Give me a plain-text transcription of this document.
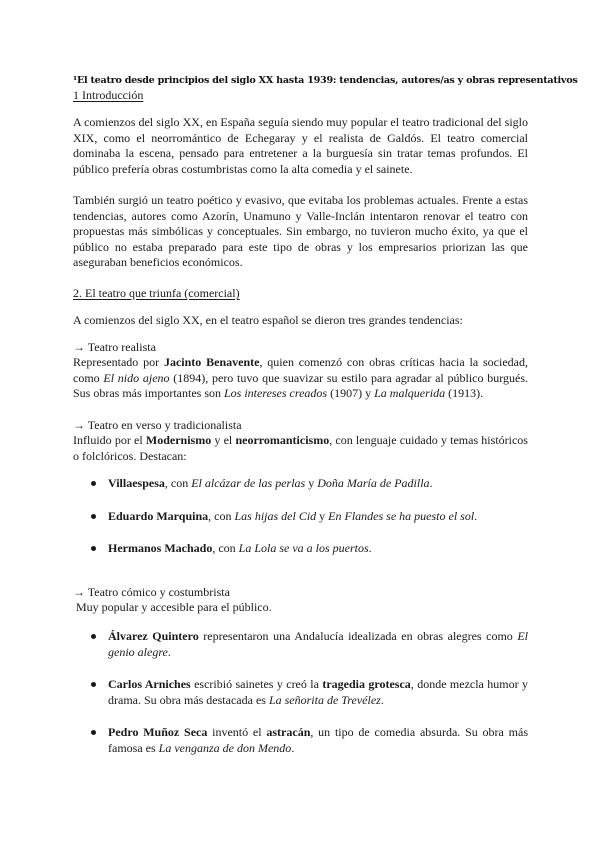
¹El teatro desde principios del siglo XX hasta 1939: tendencias, autores/as y obras representativos
1 Introducción

A comienzos del siglo XX, en España seguía siendo muy popular el teatro tradicional del siglo XIX, como el neorromántico de Echegaray y el realista de Galdós. El teatro comercial dominaba la escena, pensado para entretener a la burguesía sin tratar temas profundos. El público prefería obras costumbristas como la alta comedia y el sainete.

También surgió un teatro poético y evasivo, que evitaba los problemas actuales. Frente a estas tendencias, autores como Azorín, Unamuno y Valle-Inclán intentaron renovar el teatro con propuestas más simbólicas y conceptuales. Sin embargo, no tuvieron mucho éxito, ya que el público no estaba preparado para este tipo de obras y los empresarios priorizan las que aseguraban beneficios económicos.

2. El teatro que triunfa (comercial)

A comienzos del siglo XX, en el teatro español se dieron tres grandes tendencias:

→ Teatro realista

Representado por Jacinto Benavente, quien comenzó con obras críticas hacia la sociedad, como El nido ajeno (1894), pero tuvo que suavizar su estilo para agradar al público burgués. Sus obras más importantes son Los intereses creados (1907) y La malquerida (1913).

→ Teatro en verso y tradicionalista

Influido por el Modernismo y el neorromanticismo, con lenguaje cuidado y temas históricos o folclóricos. Destacan:

Villaespesa, con El alcázar de las perlas y Doña María de Padilla.
Eduardo Marquina, con Las hijas del Cid y En Flandes se ha puesto el sol.
Hermanos Machado, con La Lola se va a los puertos.
→ Teatro cómico y costumbrista
Muy popular y accesible para el público.
Álvarez Quintero representaron una Andalucía idealizada en obras alegres como El genio alegre.
Carlos Arniches escribió sainetes y creó la tragedia grotesca, donde mezcla humor y drama. Su obra más destacada es La señorita de Trevélez.
Pedro Muñoz Seca inventó el astracán, un tipo de comedia absurda. Su obra más famosa es La venganza de don Mendo.
